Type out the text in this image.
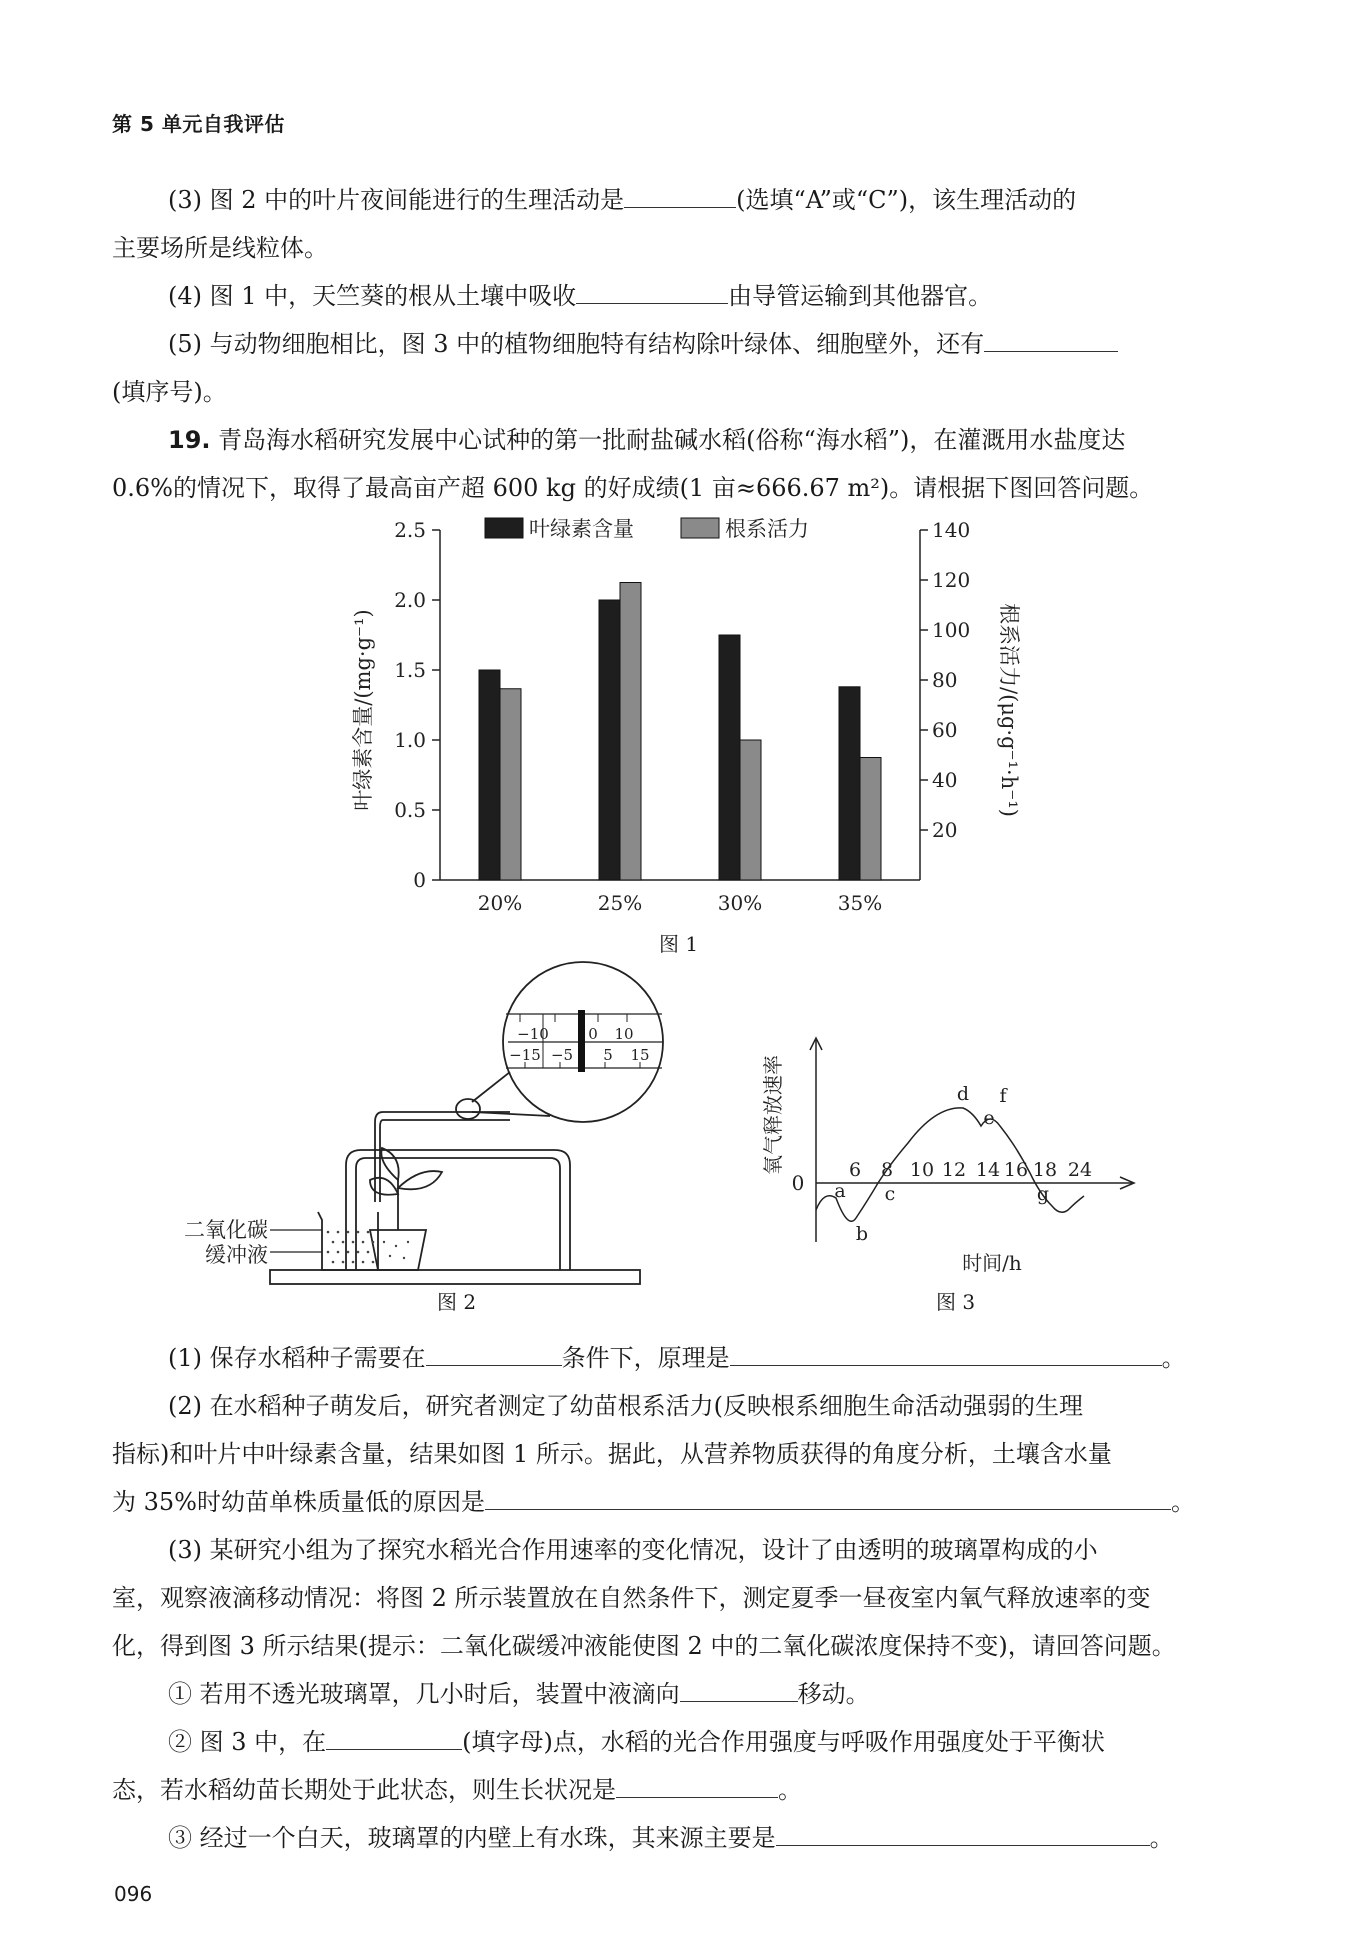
第 5 单元自我评估
(3) 图 2 中的叶片夜间能进行的生理活动是	(选填“A”或“C”)，该生理活动的
主要场所是线粒体。
(4) 图 1 中，天竺葵的根从土壤中吸收	由导管运输到其他器官。
(5) 与动物细胞相比，图 3 中的植物细胞特有结构除叶绿体、细胞壁外，还有
(填序号)。
19. 青岛海水稻研究发展中心试种的第一批耐盐碱水稻(俗称“海水稻”)，在灌溉用水盐度达
0.6%的情况下，取得了最高亩产超 600 kg 的好成绩(1 亩≈666.67 m²)。请根据下图回答问题。
0
0.5
1.0
1.5
2.0
2.5
20
40
60
80
100
120
140
20%	25%	30%	35%
叶绿素含量	根系活力
叶绿素含量/(mg·g⁻¹)	根系活力/(μg·g⁻¹·h⁻¹)
图 1
−10	0 10
−15 −5 5 15
二氧化碳
缓冲液
图 2
0
6 8 10 12 14 16 18 24
a
b
c
d
e
f
g
氧气释放速率
时间/h
图 3
(1) 保存水稻种子需要在	条件下，原理是	。
(2) 在水稻种子萌发后，研究者测定了幼苗根系活力(反映根系细胞生命活动强弱的生理
指标)和叶片中叶绿素含量，结果如图 1 所示。据此，从营养物质获得的角度分析，土壤含水量
为 35%时幼苗单株质量低的原因是	。
(3) 某研究小组为了探究水稻光合作用速率的变化情况，设计了由透明的玻璃罩构成的小
室，观察液滴移动情况：将图 2 所示装置放在自然条件下，测定夏季一昼夜室内氧气释放速率的变
化，得到图 3 所示结果(提示：二氧化碳缓冲液能使图 2 中的二氧化碳浓度保持不变)，请回答问题。
① 若用不透光玻璃罩，几小时后，装置中液滴向	移动。
② 图 3 中，在	(填字母)点，水稻的光合作用强度与呼吸作用强度处于平衡状
态，若水稻幼苗长期处于此状态，则生长状况是	。
③ 经过一个白天，玻璃罩的内壁上有水珠，其来源主要是	。
096
